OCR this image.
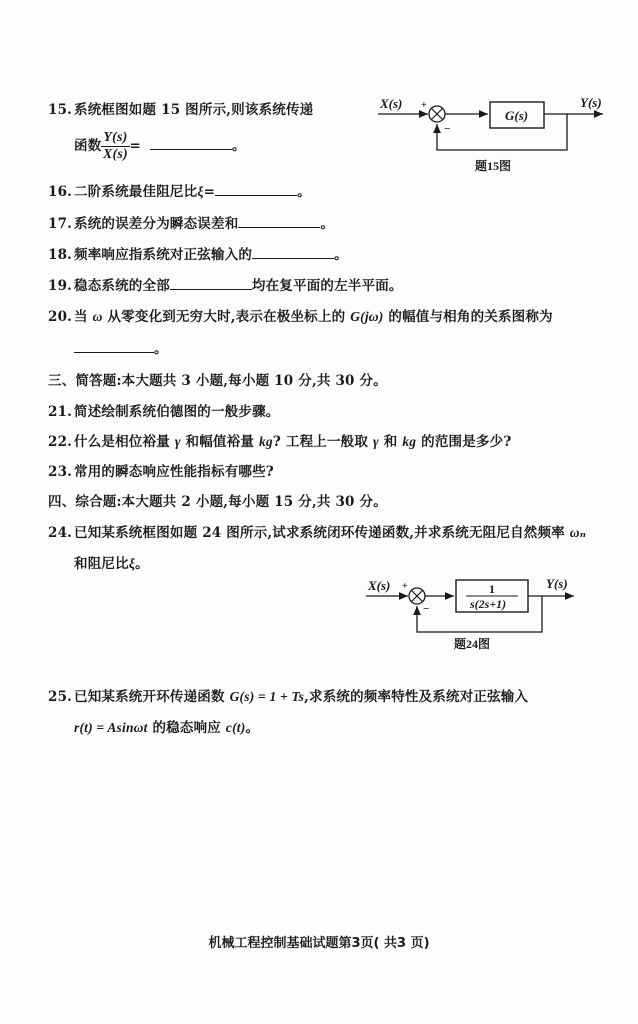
15. 系统框图如题 15 图所示,则该系统传递
函数 $\frac{Y(s)}{X(s)}$ =	。
X(s) +
−
G(s)
Y(s)
题15图
16. 二阶系统最佳阻尼比ξ=	。
17. 系统的误差分为瞬态误差和	。
18. 频率响应指系统对正弦输入的	。
19. 稳态系统的全部	均在复平面的左半平面。
20. 当 ω 从零变化到无穷大时,表示在极坐标上的 G(jω) 的幅值与相角的关系图称为
。
三、简答题:本大题共 3 小题,每小题 10 分,共 30 分。
21. 简述绘制系统伯德图的一般步骤。
22. 什么是相位裕量 γ 和幅值裕量 kg? 工程上一般取 γ 和 kg 的范围是多少?
23. 常用的瞬态响应性能指标有哪些?
四、综合题:本大题共 2 小题,每小题 15 分,共 30 分。
24. 已知某系统框图如题 24 图所示,试求系统闭环传递函数,并求系统无阻尼自然频率 ωₙ
和阻尼比ξ。
X(s) +
−
1
s(2s+1)
Y(s)
题24图
25. 已知某系统开环传递函数 G(s) = 1 + Ts,求系统的频率特性及系统对正弦输入
r(t) = Asinωt 的稳态响应 c(t)。
机械工程控制基础试题第3页( 共3 页)
